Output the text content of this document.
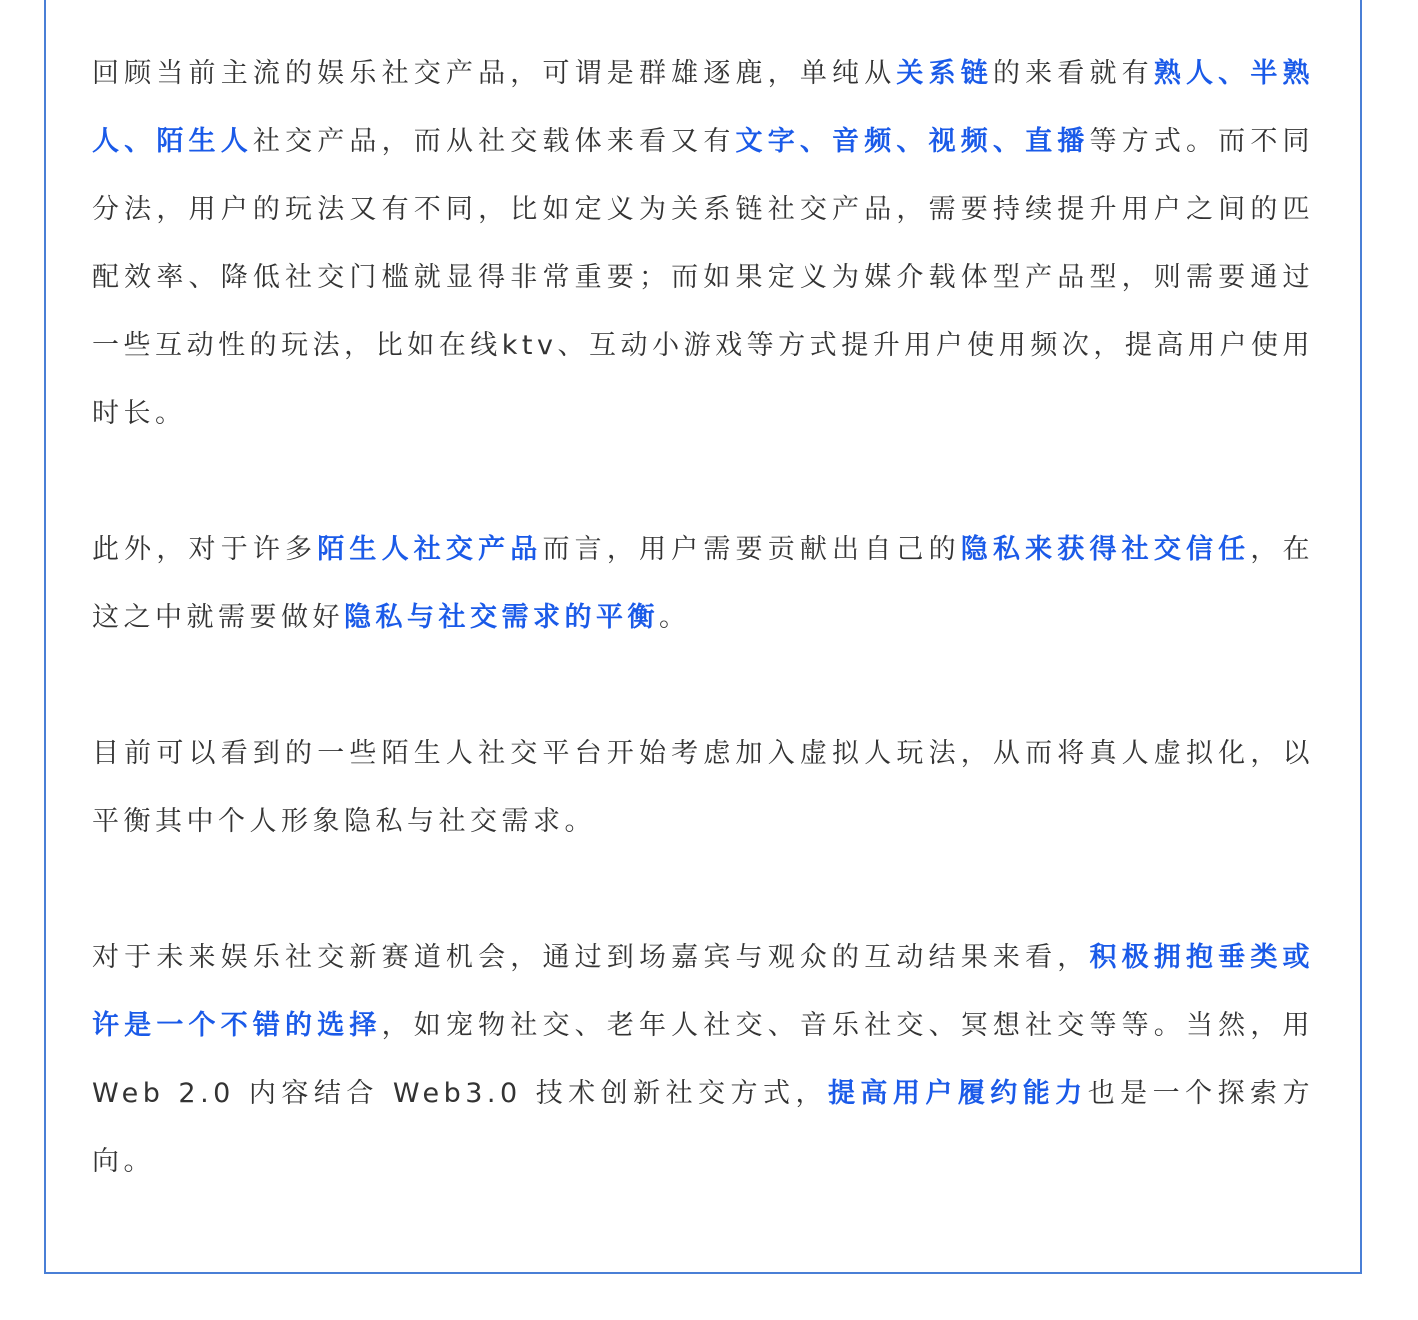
回顾当前主流的娱乐社交产品，可谓是群雄逐鹿，单纯从关系链的来看就有熟人、半熟人、陌生人社交产品，而从社交载体来看又有文字、音频、视频、直播等方式。而不同分法，用户的玩法又有不同，比如定义为关系链社交产品，需要持续提升用户之间的匹配效率、降低社交门槛就显得非常重要；而如果定义为媒介载体型产品型，则需要通过一些互动性的玩法，比如在线ktv、互动小游戏等方式提升用户使用频次，提高用户使用时长。

此外，对于许多陌生人社交产品而言，用户需要贡献出自己的隐私来获得社交信任，在这之中就需要做好隐私与社交需求的平衡。

目前可以看到的一些陌生人社交平台开始考虑加入虚拟人玩法，从而将真人虚拟化，以平衡其中个人形象隐私与社交需求。

对于未来娱乐社交新赛道机会，通过到场嘉宾与观众的互动结果来看，积极拥抱垂类或许是一个不错的选择，如宠物社交、老年人社交、音乐社交、冥想社交等等。当然，用Web 2.0 内容结合 Web3.0 技术创新社交方式，提高用户履约能力也是一个探索方向。
